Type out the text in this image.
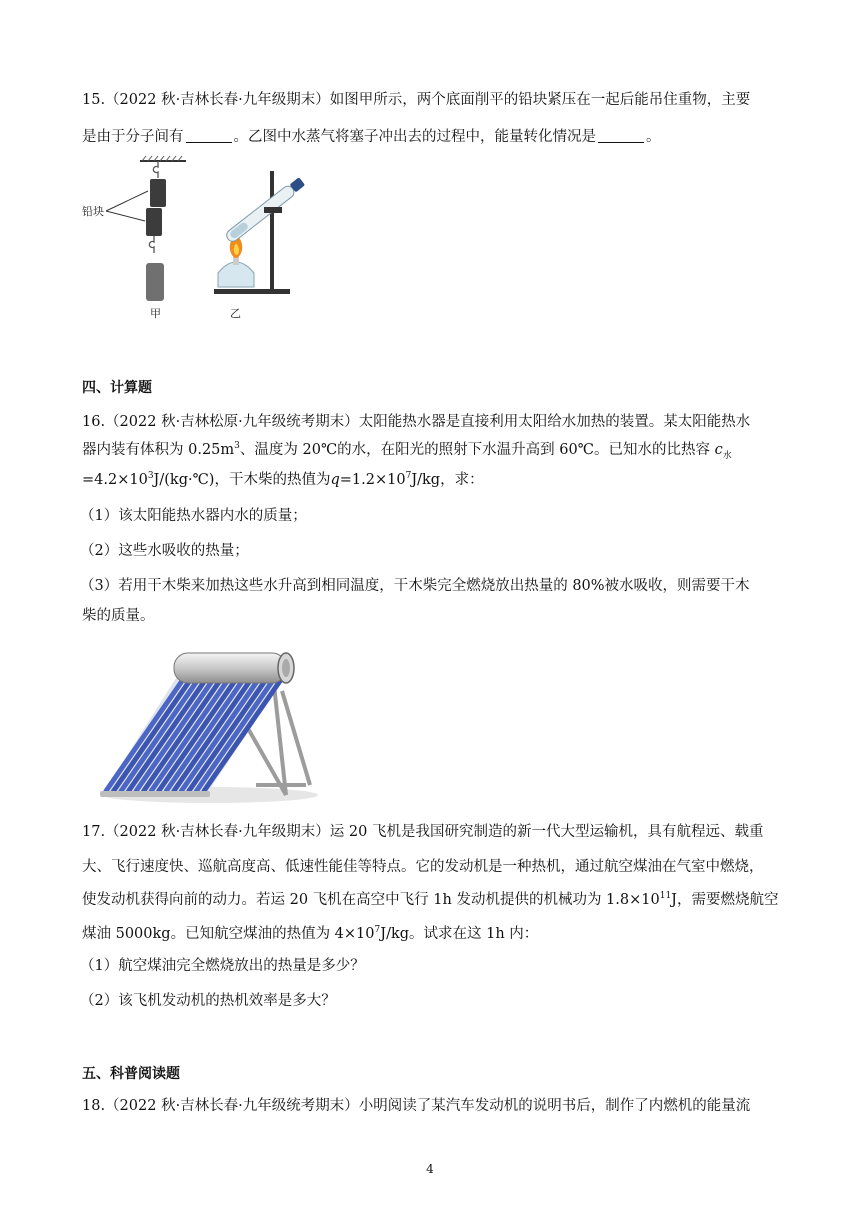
15.（2022 秋·吉林长春·九年级期末）如图甲所示，两个底面削平的铅块紧压在一起后能吊住重物，主要
是由于分子间有	。乙图中水蒸气将塞子冲出去的过程中，能量转化情况是	。
铅块
甲	乙
四、计算题
16.（2022 秋·吉林松原·九年级统考期末）太阳能热水器是直接利用太阳给水加热的装置。某太阳能热水
器内装有体积为 $0.25m^3$、温度为 20℃的水，在阳光的照射下水温升高到 60℃。已知水的比热容 $c_水$
$=4.2\times 10^3J/(kg\cdot℃)$，干木柴的热值为$q=1.2\times 10^7J/kg$，求：
（1）该太阳能热水器内水的质量；
（2）这些水吸收的热量；
（3）若用干木柴来加热这些水升高到相同温度，干木柴完全燃烧放出热量的 80%被水吸收，则需要干木
柴的质量。
17.（2022 秋·吉林长春·九年级期末）运 20 飞机是我国研究制造的新一代大型运输机，具有航程远、载重
大、飞行速度快、巡航高度高、低速性能佳等特点。它的发动机是一种热机，通过航空煤油在气室中燃烧，
使发动机获得向前的动力。若运 20 飞机在高空中飞行 1h 发动机提供的机械功为 $1.8\times 10^{11}J$，需要燃烧航空
煤油 5000kg。已知航空煤油的热值为 $4\times 10^7J/kg$。试求在这 1h 内：
（1）航空煤油完全燃烧放出的热量是多少？
（2）该飞机发动机的热机效率是多大？
五、科普阅读题
18.（2022 秋·吉林长春·九年级统考期末）小明阅读了某汽车发动机的说明书后，制作了内燃机的能量流
4
